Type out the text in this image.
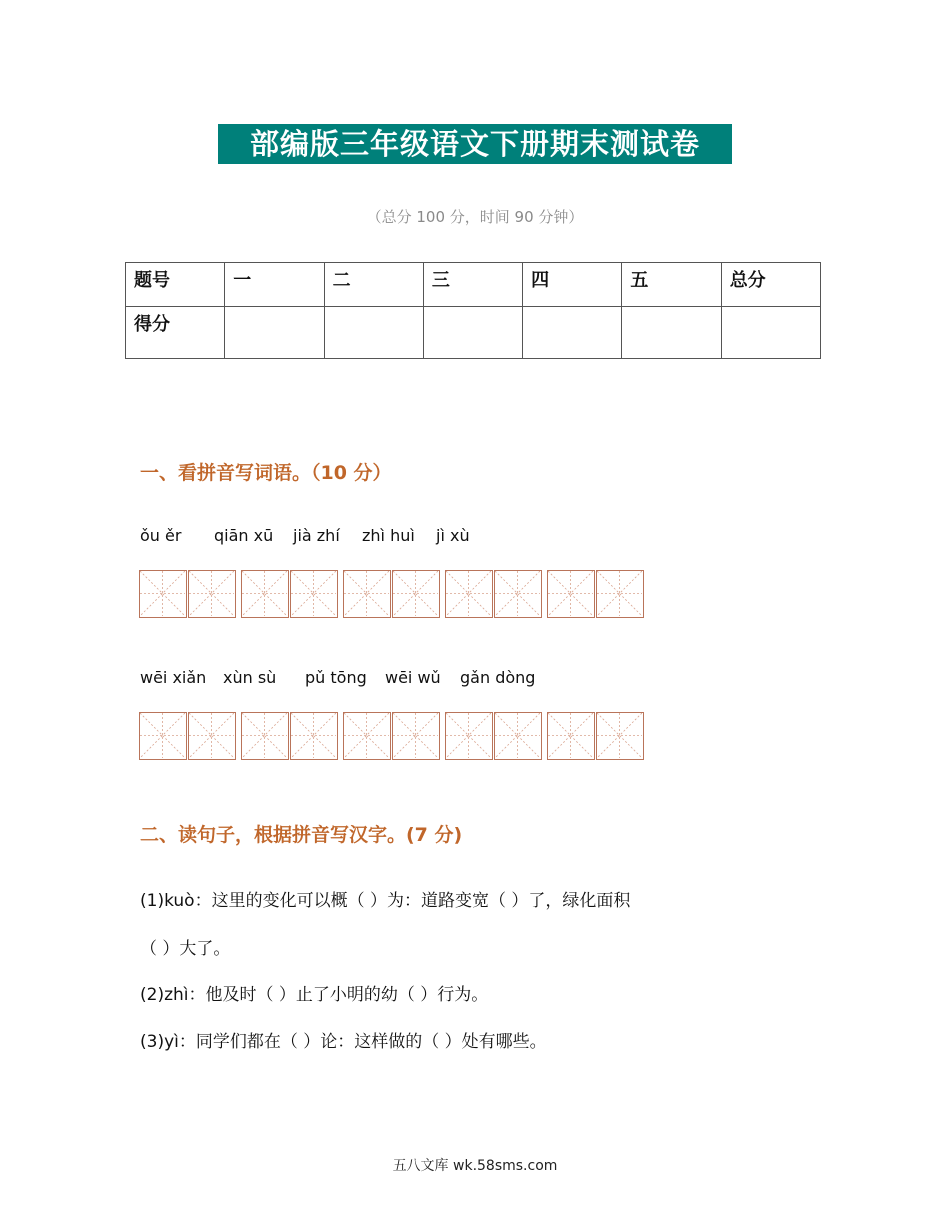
部编版三年级语文下册期末测试卷
（总分 100 分，时间 90 分钟）
题号	一	二	三	四	五	总分
得分						
一、看拼音写词语。（10 分）
ǒu ěr qiān xū jià zhí zhì huì jì xù
wēi xiǎn xùn sù pǔ tōng wēi wǔ gǎn dòng
二、读句子，根据拼音写汉字。(7 分)
(1)kuò：这里的变化可以概（ ）为：道路变宽（ ）了，绿化面积
（ ）大了。
(2)zhì：他及时（ ）止了小明的幼（ ）行为。
(3)yì：同学们都在（ ）论：这样做的（ ）处有哪些。
五八文库 wk.58sms.com
